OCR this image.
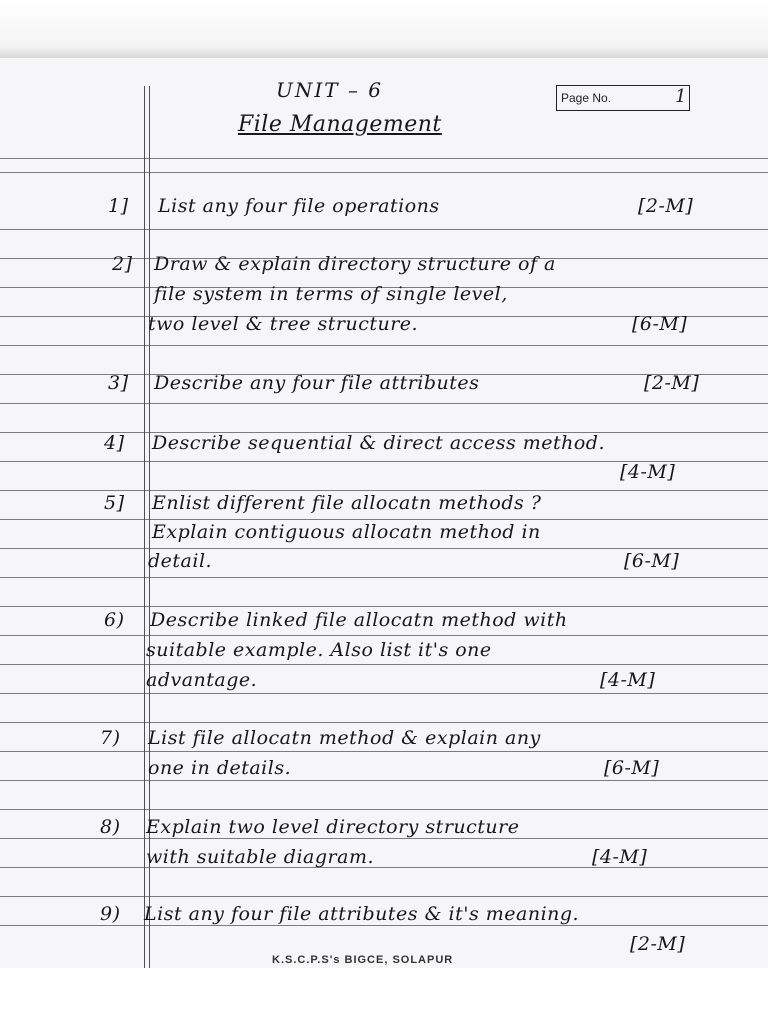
UNIT – 6
File Management
Page No.	1
1] List any four file operations	[2-M]
2] Draw & explain directory structure of a
file system in terms of single level,
two level & tree structure.	[6-M]
3] Describe any four file attributes	[2-M]
4] Describe sequential & direct access method.
[4-M]
5] Enlist different file allocatn methods ?
Explain contiguous allocatn method in
detail.	[6-M]
6) Describe linked file allocatn method with
suitable example. Also list it's one
advantage.	[4-M]
7) List file allocatn method & explain any
one in details.	[6-M]
8) Explain two level directory structure
with suitable diagram.	[4-M]
9) List any four file attributes & it's meaning.
[2-M]
K.S.C.P.S's BIGCE, SOLAPUR
